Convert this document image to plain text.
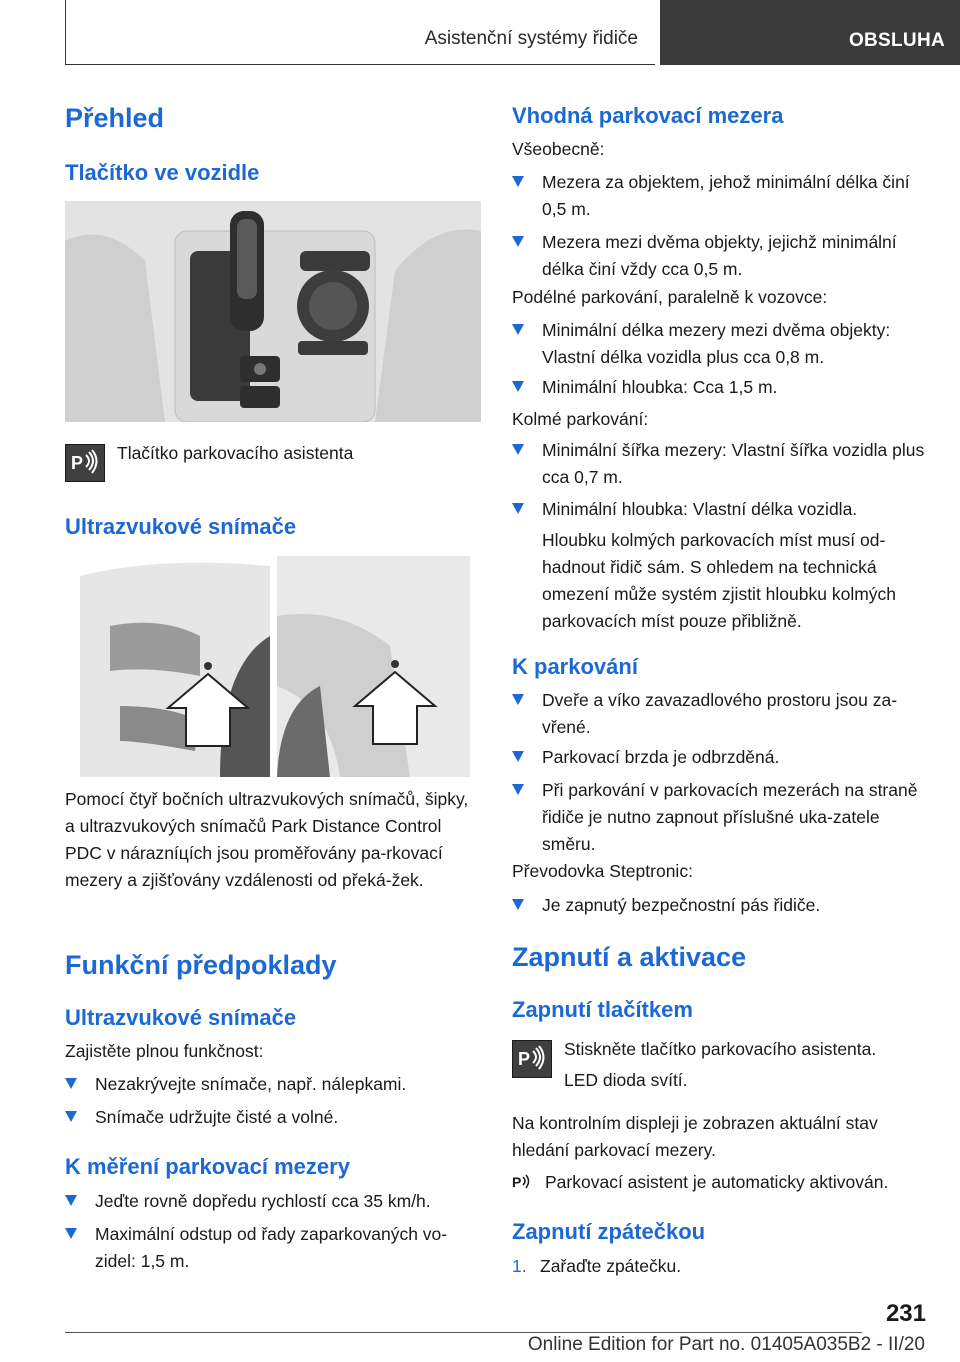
Asistenční systémy řidiče	OBSLUHA
Přehled
Tlačítko ve vozidle
P Tlačítko parkovacího asistenta
Ultrazvukové snímače
Pomocí čtyř bočních ultrazvukových snímačů, šipky, a ultrazvukových snímačů Park Distance Control PDC v nárazníцích jsou proměřovány pa-rkovací mezery a zjišťovány vzdálenosti od překá-žek.
Funkční předpoklady
Ultrazvukové snímače
Zajistěte plnou funkčnost:
Nezakrývejte snímače, např. nálepkami.
Snímače udržujte čisté a volné.
K měření parkovací mezery
Jeďte rovně dopředu rychlostí cca 35 km/h.
Maximální odstup od řady zaparkovaných vo-zidel: 1,5 m.
Vhodná parkovací mezera
Všeobecně:
Mezera za objektem, jehož minimální délka činí 0,5 m.
Mezera mezi dvěma objekty, jejichž minimální délka činí vždy cca 0,5 m.
Podélné parkování, paralelně k vozovce:
Minimální délka mezery mezi dvěma objekty: Vlastní délka vozidla plus cca 0,8 m.
Minimální hloubka: Cca 1,5 m.
Kolmé parkování:
Minimální šířka mezery: Vlastní šířka vozidla plus cca 0,7 m.
Minimální hloubka: Vlastní délka vozidla.
Hloubku kolmých parkovacích míst musí od-hadnout řidič sám. S ohledem na technická omezení může systém zjistit hloubku kolmých parkovacích míst pouze přibližně.
K parkování
Dveře a víko zavazadlového prostoru jsou za-vřené.
Parkovací brzda je odbrzděná.
Při parkování v parkovacích mezerách na straně řidiče je nutno zapnout příslušné uka-zatele směru.
Převodovka Steptronic:
Je zapnutý bezpečnostní pás řidiče.
Zapnutí a aktivace
Zapnutí tlačítkem
P Stiskněte tlačítko parkovacího asistenta.
LED dioda svítí.
Na kontrolním displeji je zobrazen aktuální stav hledání parkovací mezery.
P Parkovací asistent je automaticky aktivován.
Zapnutí zpátečkou
1. Zařaďte zpátečku.
231
Online Edition for Part no. 01405A035B2 - II/20
